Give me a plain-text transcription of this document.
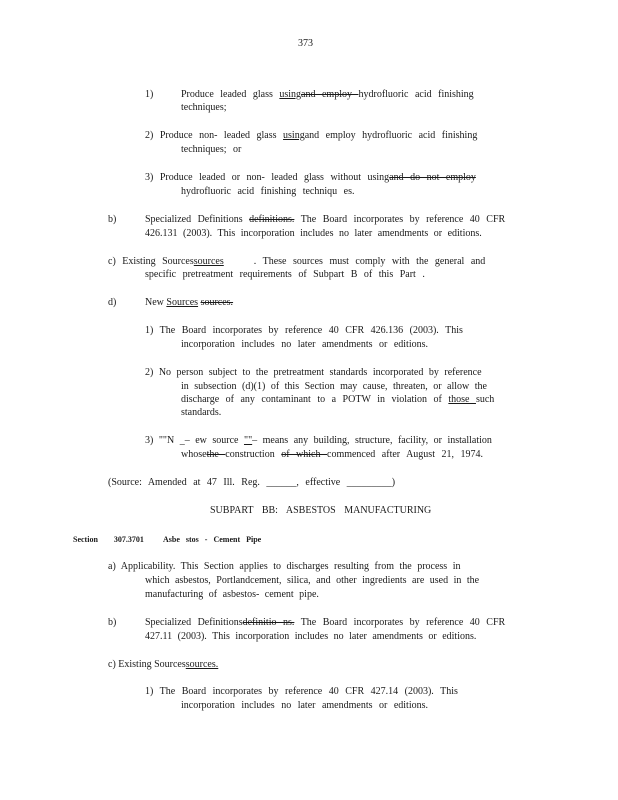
373
1)	Produce leaded glass usingand employ hydrofluoric acid finishing
techniques;
2) Produce non- leaded glass usingand employ hydrofluoric acid finishing
techniques; or
3) Produce leaded or non- leaded glass without usingand do not employ
hydrofluoric acid finishing techniqu es.
b)	Specialized Definitions definitions. The Board incorporates by reference 40 CFR
426.131 (2003). This incorporation includes no later amendments or editions.
c) Existing Sourcessources	. These sources must comply with the general and
specific pretreatment requirements of Subpart B of this Part .
d)	New Sources sources.
1) The Board incorporates by reference 40 CFR 426.136 (2003). This
incorporation includes no later amendments or editions.
2) No person subject to the pretreatment standards incorporated by reference
in subsection (d)(1) of this Section may cause, threaten, or allow the
discharge of any contaminant to a POTW in violation of those such
standards.
3) ""N _– ew source ""– means any building, structure, facility, or installation
whosethe construction of which commenced after August 21, 1974.
(Source: Amended at 47 Ill. Reg. ______, effective _________)
SUBPART BB: ASBESTOS MANUFACTURING
Section 307.3701 Asbe stos - Cement Pipe
a) Applicability. This Section applies to discharges resulting from the process in
which asbestos, Portlandcement, silica, and other ingredients are used in the
manufacturing of asbestos- cement pipe.
b)	Specialized Definitionsdefinitio ns. The Board incorporates by reference 40 CFR
427.11 (2003). This incorporation includes no later amendments or editions.
c) Existing Sourcessources.
1) The Board incorporates by reference 40 CFR 427.14 (2003). This
incorporation includes no later amendments or editions.
